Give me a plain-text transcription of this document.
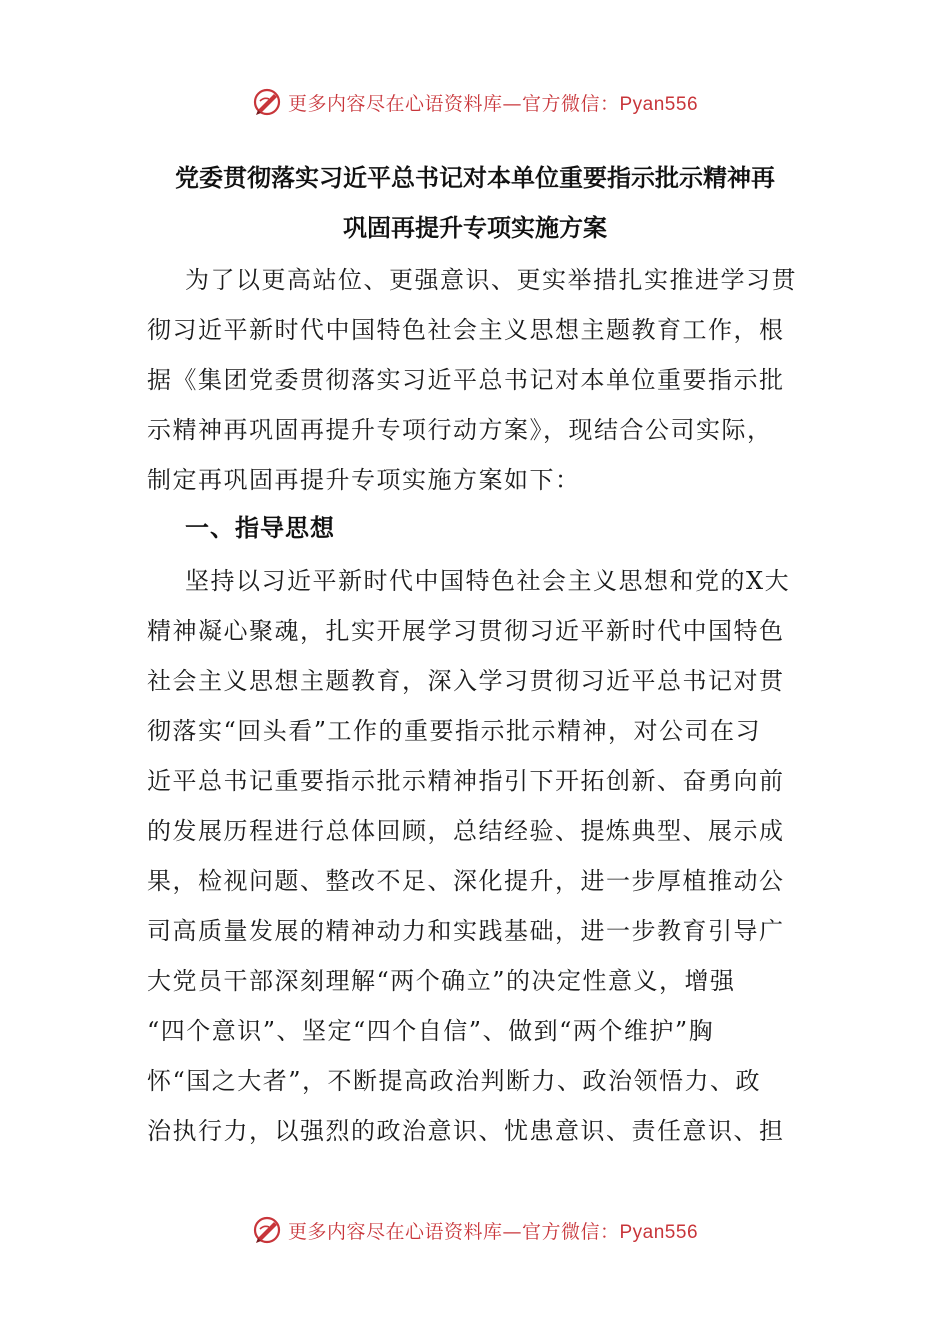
更多内容尽在心语资料库—官方微信：Pyan556
党委贯彻落实习近平总书记对本单位重要指示批示精神再
巩固再提升专项实施方案
为了以更高站位、更强意识、更实举措扎实推进学习贯
彻习近平新时代中国特色社会主义思想主题教育工作，根
据《集团党委贯彻落实习近平总书记对本单位重要指示批
示精神再巩固再提升专项行动方案》，现结合公司实际，
制定再巩固再提升专项实施方案如下：
一、指导思想
坚持以习近平新时代中国特色社会主义思想和党的X大
精神凝心聚魂，扎实开展学习贯彻习近平新时代中国特色
社会主义思想主题教育，深入学习贯彻习近平总书记对贯
彻落实“回头看”工作的重要指示批示精神，对公司在习
近平总书记重要指示批示精神指引下开拓创新、奋勇向前
的发展历程进行总体回顾，总结经验、提炼典型、展示成
果，检视问题、整改不足、深化提升，进一步厚植推动公
司高质量发展的精神动力和实践基础，进一步教育引导广
大党员干部深刻理解“两个确立”的决定性意义，增强
“四个意识”、坚定“四个自信”、做到“两个维护”胸
怀“国之大者”，不断提高政治判断力、政治领悟力、政
治执行力，以强烈的政治意识、忧患意识、责任意识、担
更多内容尽在心语资料库—官方微信：Pyan556
